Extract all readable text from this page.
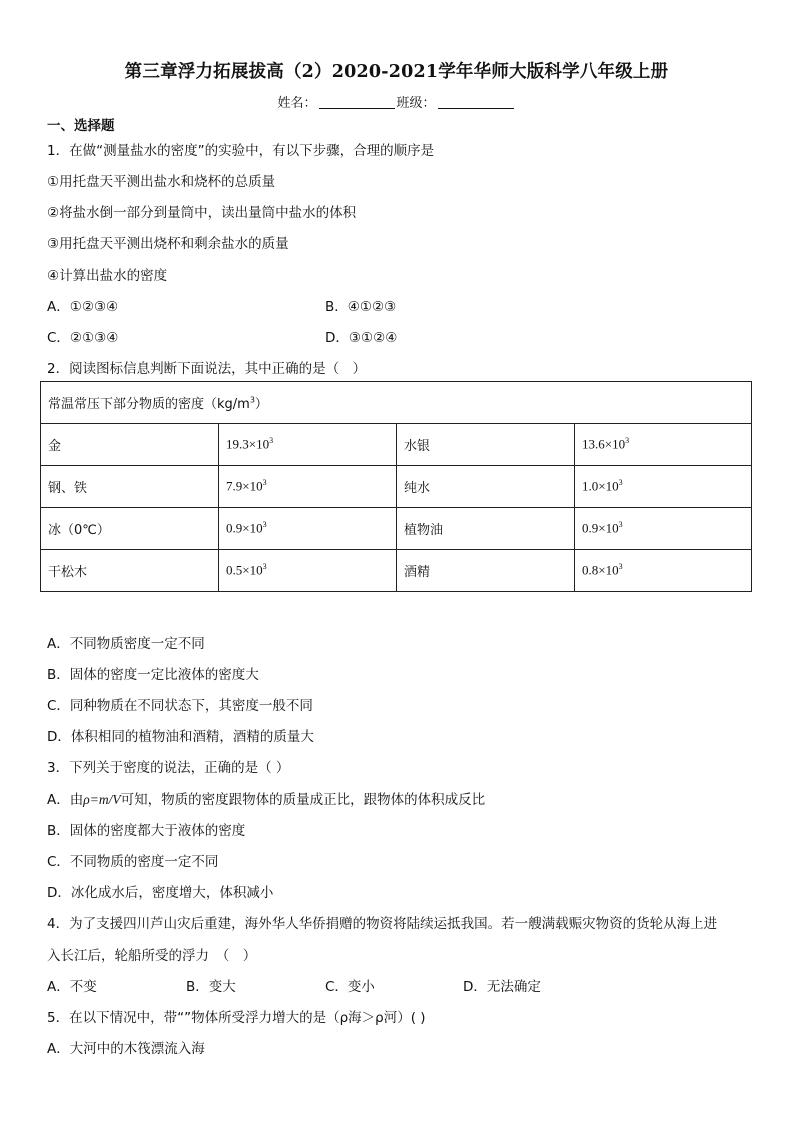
第三章浮力拓展拔高（2）2020-2021学年华师大版科学八年级上册
姓名：	班级：
一、选择题
1．在做“测量盐水的密度”的实验中，有以下步骤，合理的顺序是
①用托盘天平测出盐水和烧杯的总质量
②将盐水倒一部分到量筒中，读出量筒中盐水的体积
③用托盘天平测出烧杯和剩余盐水的质量
④计算出盐水的密度
A．①②③④	B．④①②③
C．②①③④	D．③①②④
2．阅读图标信息判断下面说法，其中正确的是（　）
常温常压下部分物质的密度$(kg/m^3)$			
金	$19.3\times 10^3$	水银	$13.6\times 10^3$
钢、铁	$7.9\times 10^3$	纯水	$1.0\times 10^3$
冰（0℃）	$0.9\times 10^3$	植物油	$0.9\times 10^3$
干松木	$0.5\times 10^3$	酒精	$0.8\times 10^3$
A．不同物质密度一定不同
B．固体的密度一定比液体的密度大
C．同种物质在不同状态下，其密度一般不同
D．体积相同的植物油和酒精，酒精的质量大
3．下列关于密度的说法，正确的是（ ）
A．由ρ=m/V可知，物质的密度跟物体的质量成正比，跟物体的体积成反比
B．固体的密度都大于液体的密度
C．不同物质的密度一定不同
D．冰化成水后，密度增大，体积减小
4．为了支援四川芦山灾后重建，海外华人华侨捐赠的物资将陆续运抵我国。若一艘满载赈灾物资的货轮从海上进
入长江后，轮船所受的浮力　（　）
A．不变	B．变大	C．变小	D．无法确定
5．在以下情况中，带“”物体所受浮力增大的是（ρ海＞ρ河）( )
A．大河中的木筏漂流入海
